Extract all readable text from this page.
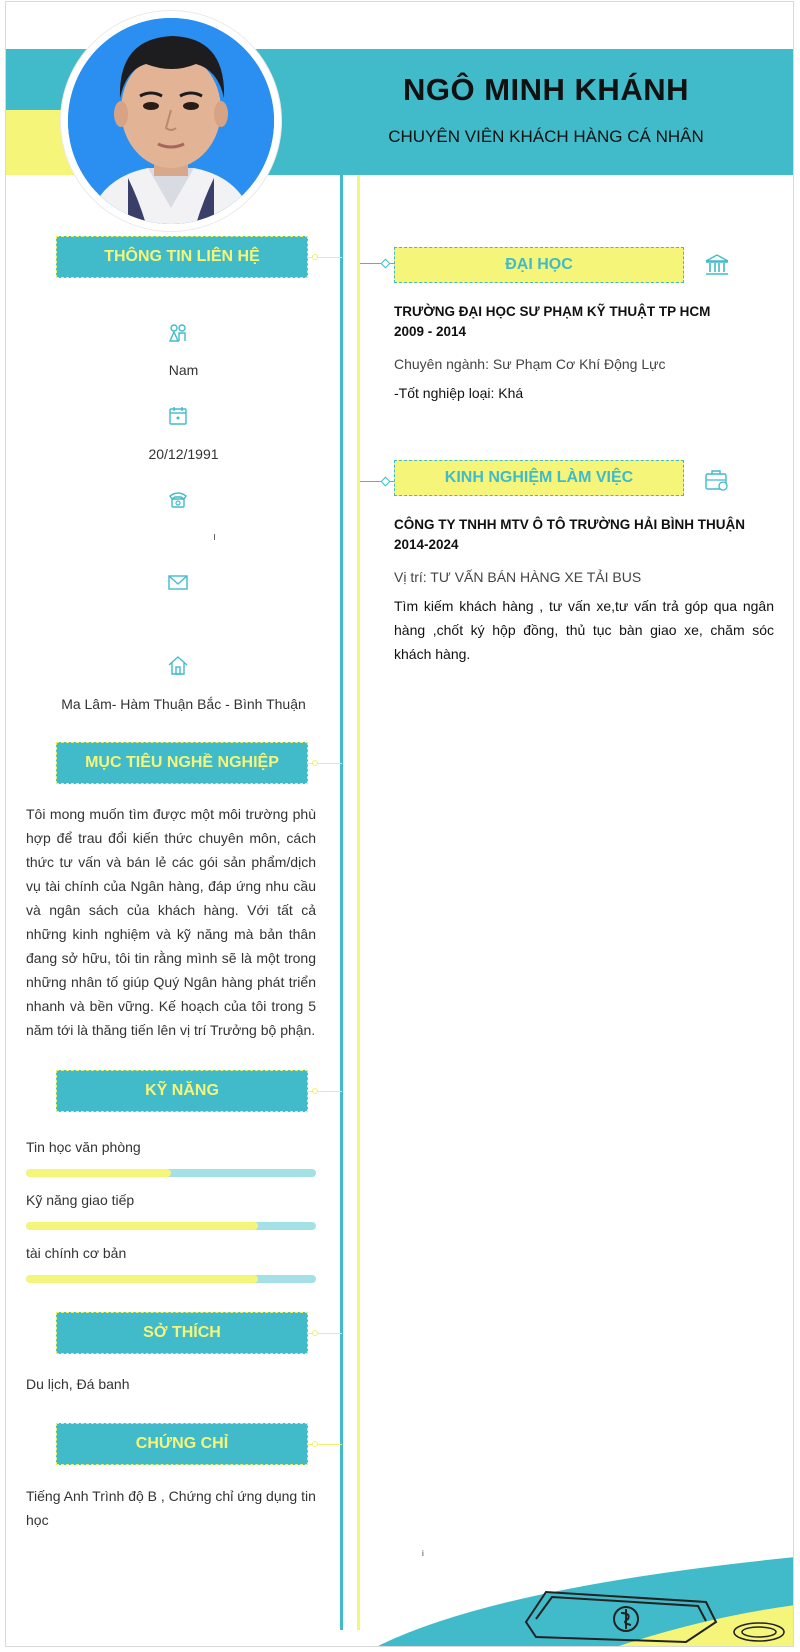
NGÔ MINH KHÁNH
CHUYÊN VIÊN KHÁCH HÀNG CÁ NHÂN
THÔNG TIN LIÊN HỆ
Nam
20/12/1991
Ma Lâm- Hàm Thuận Bắc - Bình Thuận
MỤC TIÊU NGHỀ NGHIỆP
Tôi mong muốn tìm được một môi trường phù hợp để trau đổi kiến thức chuyên môn, cách thức tư vấn và bán lẻ các gói sản phẩm/dịch vụ tài chính của Ngân hàng, đáp ứng nhu cầu và ngân sách của khách hàng. Với tất cả những kinh nghiệm và kỹ năng mà bản thân đang sở hữu, tôi tin rằng mình sẽ là một trong những nhân tố giúp Quý Ngân hàng phát triển nhanh và bền vững. Kế hoạch của tôi trong 5 năm tới là thăng tiến lên vị trí Trưởng bộ phận.
KỸ NĂNG
Tin học văn phòng
Kỹ năng giao tiếp
tài chính cơ bản
SỞ THÍCH
Du lịch, Đá banh
CHỨNG CHỈ
Tiếng Anh Trình độ B , Chứng chỉ ứng dụng tin học
ĐẠI HỌC
TRƯỜNG ĐẠI HỌC SƯ PHẠM KỸ THUẬT TP HCM
2009 - 2014
Chuyên ngành: Sư Phạm Cơ Khí Động Lực
-Tốt nghiệp loại: Khá
KINH NGHIỆM LÀM VIỆC
CÔNG TY TNHH MTV Ô TÔ TRƯỜNG HẢI BÌNH THUẬN
2014-2024
Vị trí: TƯ VẤN BÁN HÀNG XE TẢI BUS
Tìm kiếm khách hàng , tư vấn xe,tư vấn trả góp qua ngân hàng ,chốt ký hộp đồng, thủ tục bàn giao xe, chăm sóc khách hàng.
i
